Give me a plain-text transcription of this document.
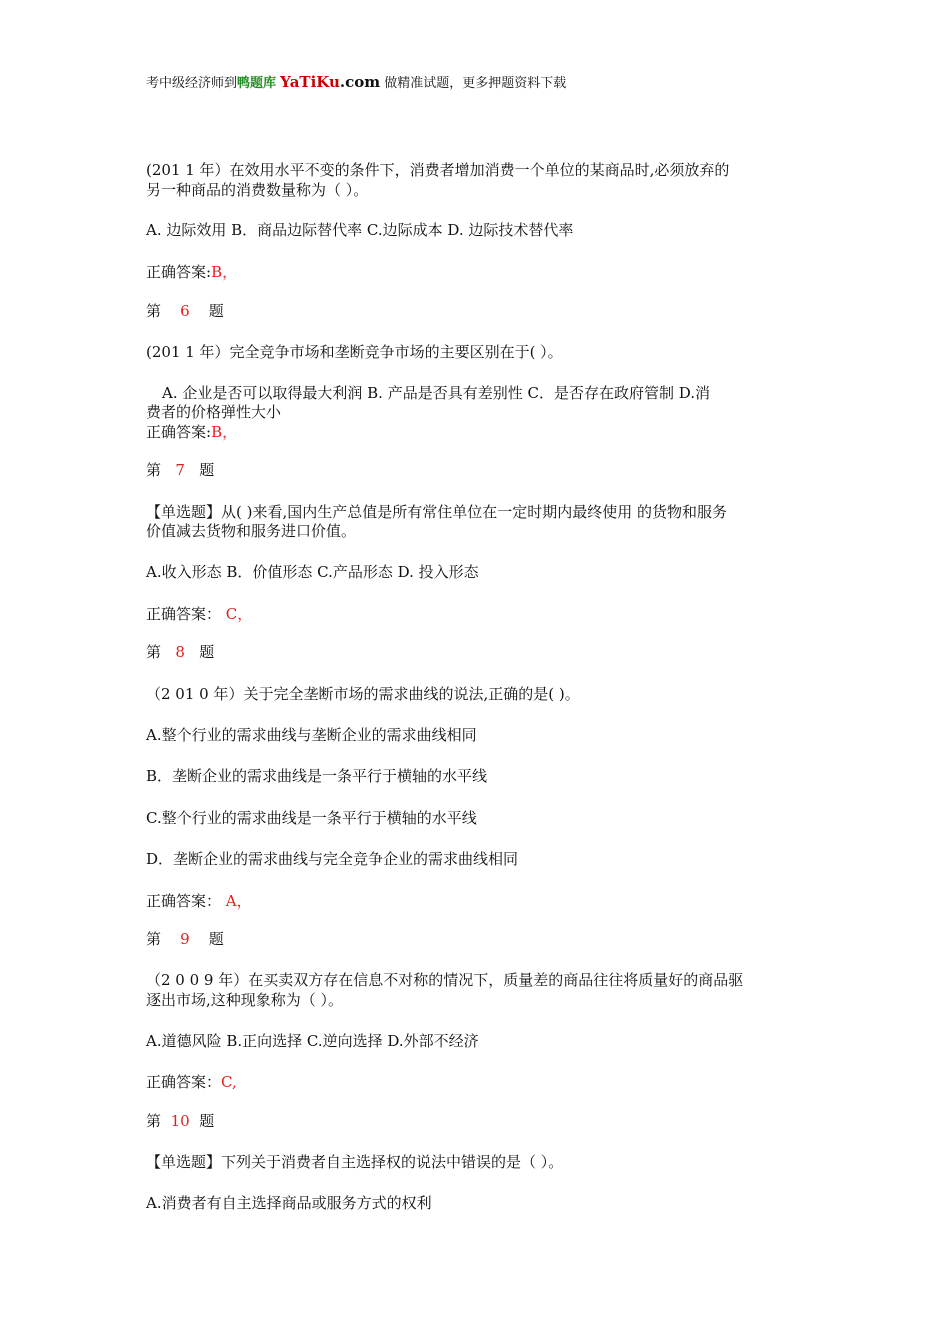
考中级经济师到鸭题库 YaTiKu.com 做精准试题，更多押题资料下载
(201 1 年）在效用水平不变的条件下，消费者增加消费一个单位的某商品时,必须放弃的
另一种商品的消费数量称为（ ）。
A. 边际效用 B．商品边际替代率 C.边际成本 D. 边际技术替代率
正确答案:B，
第 6 题
(201 1 年）完全竞争市场和垄断竞争市场的主要区别在于( ）。
A. 企业是否可以取得最大利润 B. 产品是否具有差别性 C．是否存在政府管制 D.消
费者的价格弹性大小
正确答案:B，
第 7 题
【单选题】从( )来看,国内生产总值是所有常住单位在一定时期内最终使用 的货物和服务
价值减去货物和服务进口价值。
A.收入形态 B．价值形态 C.产品形态 D. 投入形态
正确答案： C，
第 8 题
（2 01 0 年）关于完全垄断市场的需求曲线的说法,正确的是( )。
A.整个行业的需求曲线与垄断企业的需求曲线相同
B．垄断企业的需求曲线是一条平行于横轴的水平线
C.整个行业的需求曲线是一条平行于横轴的水平线
D．垄断企业的需求曲线与完全竞争企业的需求曲线相同
正确答案： A，
第 9 题
（2 0 0 9 年）在买卖双方存在信息不对称的情况下，质量差的商品往往将质量好的商品驱
逐出市场,这种现象称为（ ）。
A.道德风险 B.正向选择 C.逆向选择 D.外部不经济
正确答案：C,
第 10 题
【单选题】下列关于消费者自主选择权的说法中错误的是（ ）。
A.消费者有自主选择商品或服务方式的权利
